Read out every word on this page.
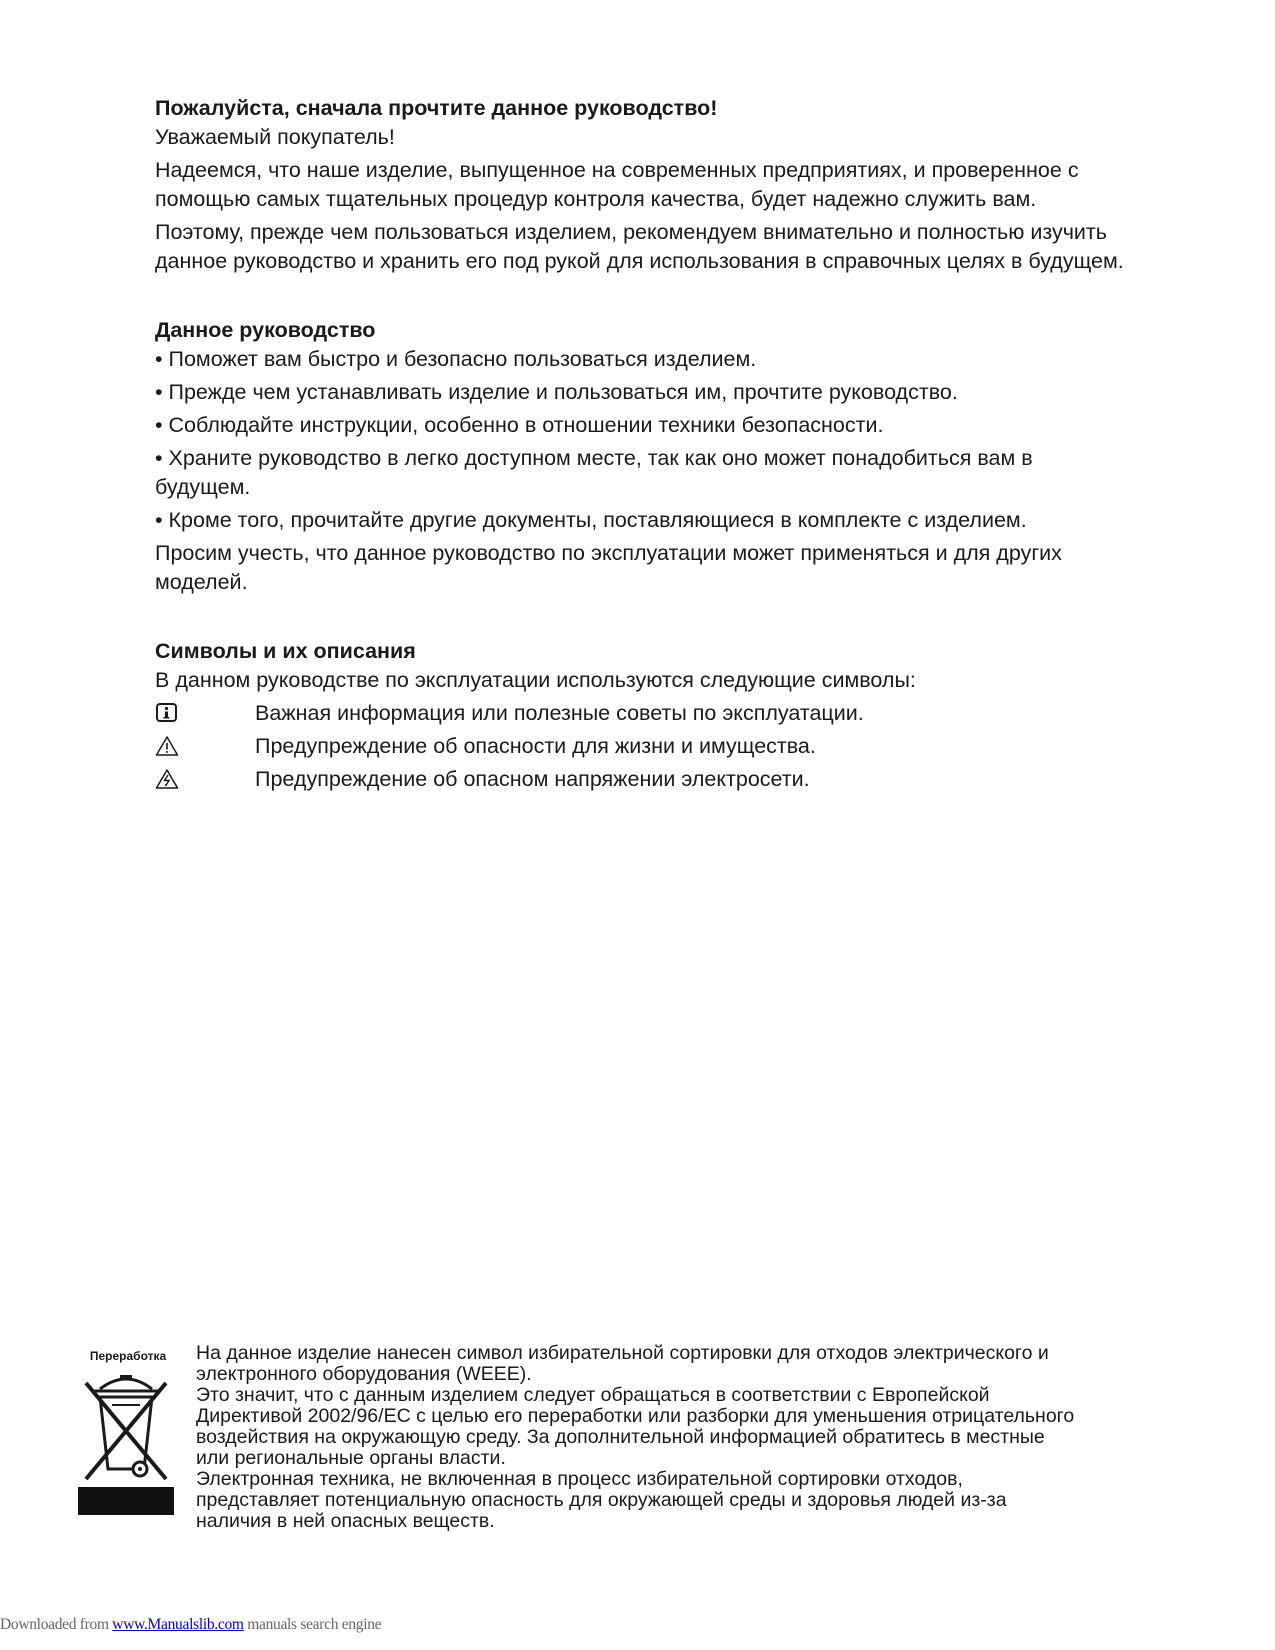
Пожалуйста, сначала прочтите данное руководство!

Уважаемый покупатель!

Надеемся, что наше изделие, выпущенное на современных предприятиях, и проверенное с помощью самых тщательных процедур контроля качества, будет надежно служить вам.

Поэтому, прежде чем пользоваться изделием, рекомендуем внимательно и полностью изучить данное руководство и хранить его под рукой для использования в справочных целях в будущем.

Данное руководство

• Поможет вам быстро и безопасно пользоваться изделием.

• Прежде чем устанавливать изделие и пользоваться им, прочтите руководство.

• Соблюдайте инструкции, особенно в отношении техники безопасности.

• Храните руководство в легко доступном месте, так как оно может понадобиться вам в будущем.

• Кроме того, прочитайте другие документы, поставляющиеся в комплекте с изделием.

Просим учесть, что данное руководство по эксплуатации может применяться и для других моделей.

Символы и их описания

В данном руководстве по эксплуатации используются следующие символы:

Важная информация или полезные советы по эксплуатации.
Предупреждение об опасности для жизни и имущества.
Предупреждение об опасном напряжении электросети.
Переработка	На данное изделие нанесен символ избирательной сортировки для отходов электрического и

электронного оборудования (WEEE).

Это значит, что с данным изделием следует обращаться в соответствии с Европейской

Директивой 2002/96/EC с целью его переработки или разборки для уменьшения отрицательного

воздействия на окружающую среду. За дополнительной информацией обратитесь в местные

или региональные органы власти.

Электронная техника, не включенная в процесс избирательной сортировки отходов,

представляет потенциальную опасность для окружающей среды и здоровья людей из-за

наличия в ней опасных веществ.

Downloaded from www.Manualslib.com manuals search engine
